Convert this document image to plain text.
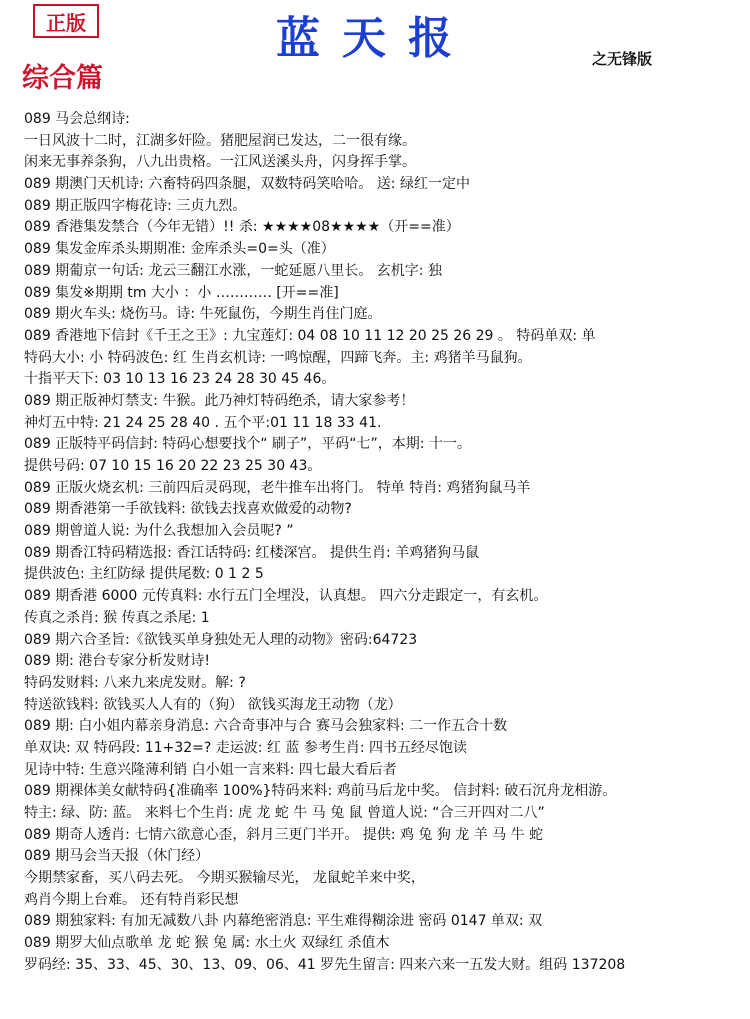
正版	蓝天报	之无锋版
综合篇
089 马会总纲诗:
一日风波十二时，江湖多奸险。猪肥屋润已发达，二一很有缘。
闲来无事养条狗，八九出贵格。一江风送溪头舟，闪身挥手掌。
089 期澳门天机诗: 六畜特码四条腿，双数特码笑哈哈。 送: 绿红一定中
089 期正版四字梅花诗: 三贞九烈。
089 香港集发禁合（今年无错）!! 杀: ★★★★08★★★★（开==准）
089 集发金库杀头期期准: 金库杀头=0=头（准）
089 期葡京一句话: 龙云三翻江水涨，一蛇延愿八里长。 玄机字: 独
089 集发※期期 tm 大小 ：小 ………… [开==准]
089 期火车头: 烧伤马。诗: 牛死鼠伤，今期生肖住门庭。
089 香港地下信封《千王之王》: 九宝莲灯: 04 08 10 11 12 20 25 26 29 。 特码单双: 单
特码大小: 小 特码波色: 红 生肖玄机诗: 一鸣惊醒，四蹄飞奔。主: 鸡猪羊马鼠狗。
十指平天下: 03 10 13 16 23 24 28 30 45 46。
089 期正版神灯禁支: 牛猴。此乃神灯特码绝杀，请大家参考！
神灯五中特: 21 24 25 28 40 . 五个平:01 11 18 33 41.
089 正版特平码信封: 特码心想要找个“ 刷子”，平码“七”，本期: 十一。
提供号码: 07 10 15 16 20 22 23 25 30 43。
089 正版火烧玄机: 三前四后灵码现，老牛推车出将门。 特单 特肖: 鸡猪狗鼠马羊
089 期香港第一手欲钱料: 欲钱去找喜欢做爱的动物?
089 期曾道人说: 为什么我想加入会员呢? ”
089 期香江特码精选报: 香江话特码: 红楼深宫。 提供生肖: 羊鸡猪狗马鼠
提供波色: 主红防绿 提供尾数: 0 1 2 5
089 期香港 6000 元传真料: 水行五门全埋没，认真想。 四六分走跟定一，有玄机。
传真之杀肖: 猴 传真之杀尾: 1
089 期六合圣旨:《欲钱买单身独处无人理的动物》密码:64723
089 期: 港台专家分析发财诗!
特码发财料: 八来九来虎发财。解: ?
特送欲钱料: 欲钱买人人有的（狗） 欲钱买海龙王动物（龙）
089 期: 白小姐内幕亲身消息: 六合奇事冲与合 赛马会独家料: 二一作五合十数
单双诀: 双 特码段: 11+32=? 走运波: 红 蓝 参考生肖: 四书五经尽饱读
见诗中特: 生意兴隆薄利销 白小姐一言来料: 四七最大看后者
089 期裸体美女献特码{准确率 100%}特码来料: 鸡前马后龙中奖。 信封料: 破石沉舟龙相游。
特主: 绿、防: 蓝。 来料七个生肖: 虎 龙 蛇 牛 马 兔 鼠 曾道人说: “合三开四对二八”
089 期奇人透肖: 七情六欲意心歪，斜月三更门半开。 提供: 鸡 兔 狗 龙 羊 马 牛 蛇
089 期马会当天报（休门经）
今期禁家畜，买八码去死。 今期买猴输尽光， 龙鼠蛇羊来中奖，
鸡肖今期上台难。 还有特肖彩民想
089 期独家料: 有加无减数八卦 内幕绝密消息: 平生难得糊涂进 密码 0147 单双: 双
089 期罗大仙点歌单 龙 蛇 猴 兔 属: 水土火 双绿红 杀值木
罗码经: 35、33、45、30、13、09、06、41 罗先生留言: 四来六来一五发大财。组码 137208
